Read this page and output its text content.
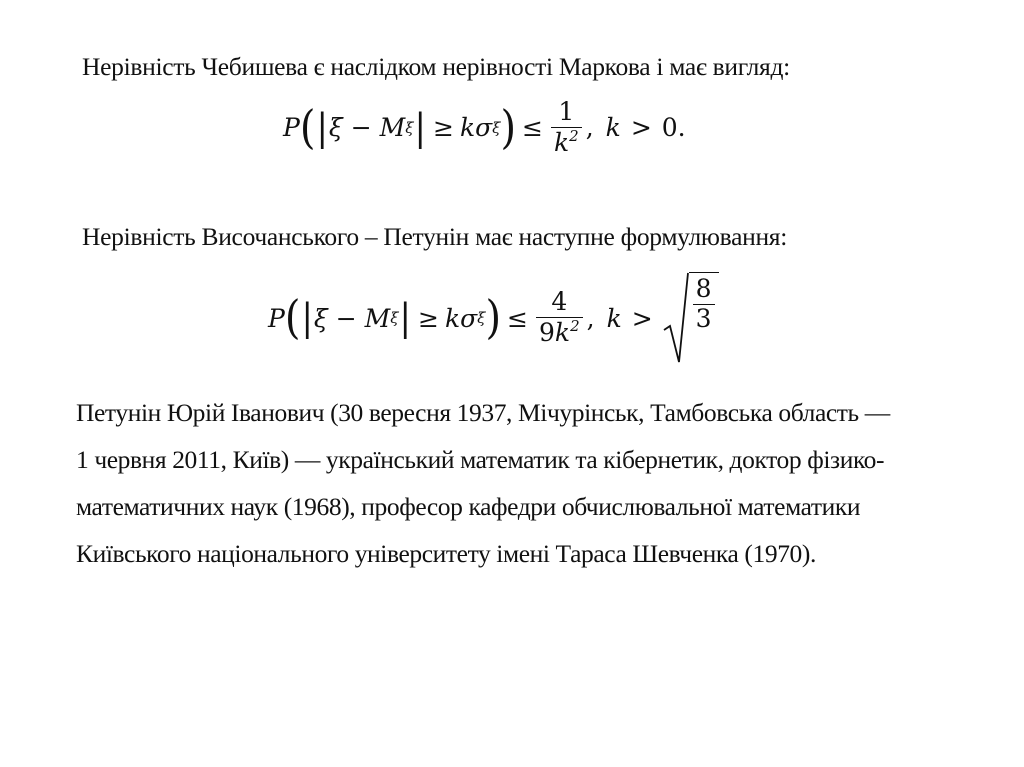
Нерівність Чебишева є наслідком нерівності Маркова і має вигляд:
P ( | ξ − M ξ | ≥ k σ ξ ) ≤ $\frac{1}{k^2}$ , k > 0.
Нерівність Височанського – Петунін має наступне формулювання:
P ( | ξ − M ξ | ≥ k σ ξ ) ≤ $\frac{4}{9k^2}$ , $k > \frac{8}{3}$
Петунін Юрій Іванович (30 вересня 1937, Мічурінськ, Тамбовська область —
1 червня 2011, Київ) — український математик та кібернетик, доктор фізико-
математичних наук (1968), професор кафедри обчислювальної математики
Київського національного університету імені Тараса Шевченка (1970).
